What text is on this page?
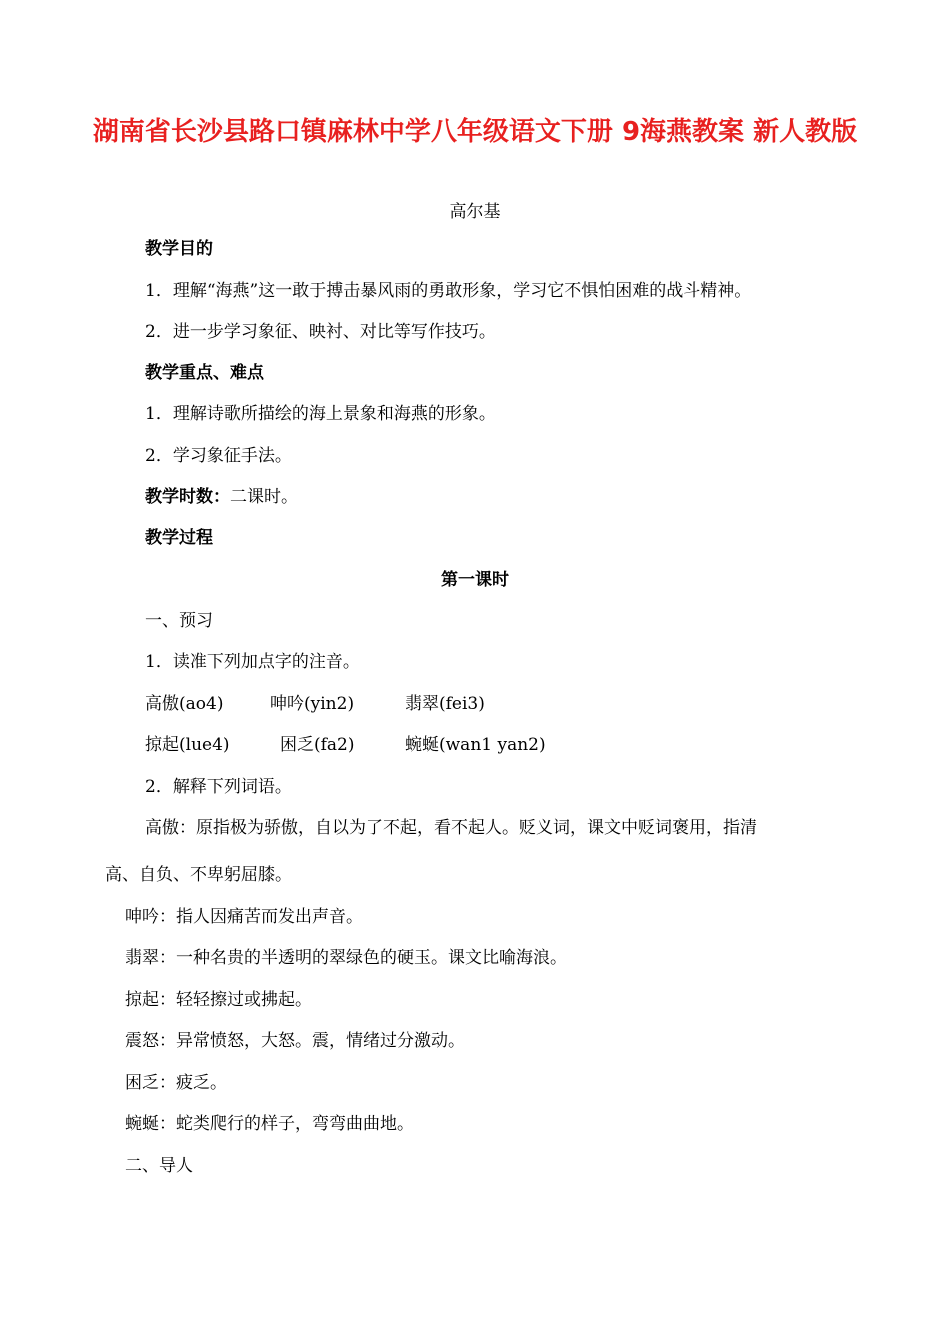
湖南省长沙县路口镇麻林中学八年级语文下册 9海燕教案 新人教版
高尔基
教学目的
1．理解“海燕”这一敢于搏击暴风雨的勇敢形象，学习它不惧怕困难的战斗精神。
2．进一步学习象征、映衬、对比等写作技巧。
教学重点、难点
1．理解诗歌所描绘的海上景象和海燕的形象。
2．学习象征手法。
教学时数：二课时。
教学过程
第一课时
一、预习
1．读准下列加点字的注音。
高傲(ao4)	呻吟(yin2)	翡翠(fei3)
掠起(lue4)	困乏(fa2)	蜿蜒(wan1 yan2)
2．解释下列词语。
高傲：原指极为骄傲，自以为了不起，看不起人。贬义词，课文中贬词褒用，指清
高、自负、不卑躬屈膝。
呻吟：指人因痛苦而发出声音。
翡翠：一种名贵的半透明的翠绿色的硬玉。课文比喻海浪。
掠起：轻轻擦过或拂起。
震怒：异常愤怒，大怒。震，情绪过分激动。
困乏：疲乏。
蜿蜒：蛇类爬行的样子，弯弯曲曲地。
二、导人
